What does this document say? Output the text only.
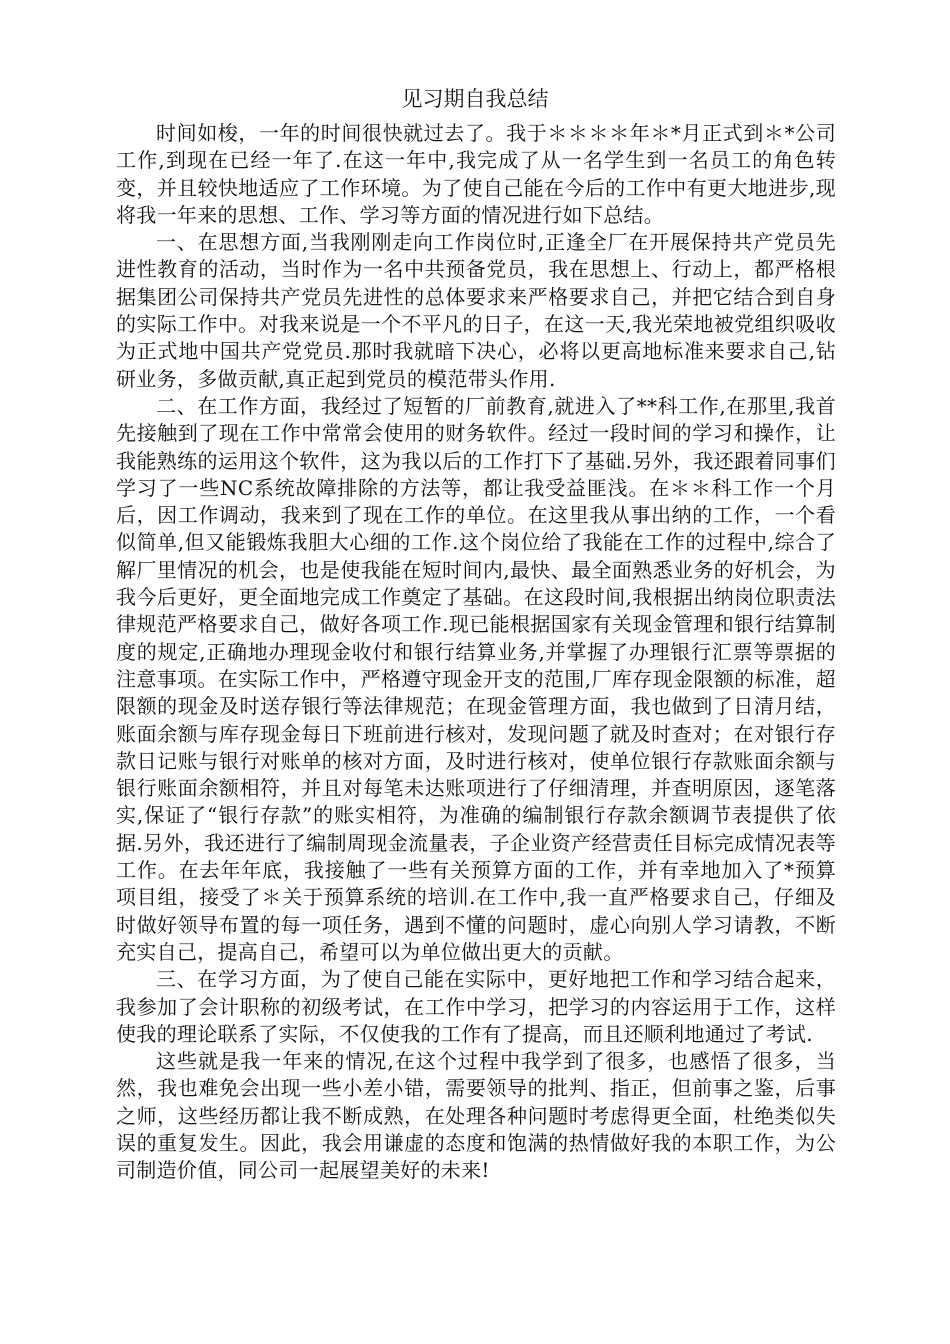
见习期自我总结

时间如梭，一年的时间很快就过去了。我于＊＊＊＊年＊*月正式到＊*公司工作,到现在已经一年了.在这一年中,我完成了从一名学生到一名员工的角色转变，并且较快地适应了工作环境。为了使自己能在今后的工作中有更大地进步,现将我一年来的思想、工作、学习等方面的情况进行如下总结。

一、在思想方面,当我刚刚走向工作岗位时,正逢全厂在开展保持共产党员先进性教育的活动，当时作为一名中共预备党员，我在思想上、行动上，都严格根据集团公司保持共产党员先进性的总体要求来严格要求自己，并把它结合到自身的实际工作中。对我来说是一个不平凡的日子，在这一天,我光荣地被党组织吸收为正式地中国共产党党员.那时我就暗下决心，必将以更高地标准来要求自己,钻研业务，多做贡献,真正起到党员的模范带头作用.

二、在工作方面，我经过了短暂的厂前教育,就进入了**科工作,在那里,我首先接触到了现在工作中常常会使用的财务软件。经过一段时间的学习和操作，让我能熟练的运用这个软件，这为我以后的工作打下了基础.另外，我还跟着同事们学习了一些NC系统故障排除的方法等，都让我受益匪浅。在＊＊科工作一个月后，因工作调动，我来到了现在工作的单位。在这里我从事出纳的工作，一个看似简单,但又能锻炼我胆大心细的工作.这个岗位给了我能在工作的过程中,综合了解厂里情况的机会，也是使我能在短时间内,最快、最全面熟悉业务的好机会，为我今后更好，更全面地完成工作奠定了基础。在这段时间,我根据出纳岗位职责法律规范严格要求自己，做好各项工作.现已能根据国家有关现金管理和银行结算制度的规定,正确地办理现金收付和银行结算业务,并掌握了办理银行汇票等票据的注意事项。在实际工作中，严格遵守现金开支的范围,厂库存现金限额的标准，超限额的现金及时送存银行等法律规范；在现金管理方面，我也做到了日清月结，账面余额与库存现金每日下班前进行核对，发现问题了就及时查对；在对银行存款日记账与银行对账单的核对方面，及时进行核对，使单位银行存款账面余额与银行账面余额相符，并且对每笔未达账项进行了仔细清理，并查明原因，逐笔落实,保证了“银行存款”的账实相符，为准确的编制银行存款余额调节表提供了依据.另外，我还进行了编制周现金流量表，子企业资产经营责任目标完成情况表等工作。在去年年底，我接触了一些有关预算方面的工作，并有幸地加入了*预算项目组，接受了＊关于预算系统的培训.在工作中,我一直严格要求自己，仔细及时做好领导布置的每一项任务，遇到不懂的问题时，虚心向别人学习请教，不断充实自己，提高自己，希望可以为单位做出更大的贡献。

三、在学习方面，为了使自己能在实际中，更好地把工作和学习结合起来，我参加了会计职称的初级考试，在工作中学习，把学习的内容运用于工作，这样使我的理论联系了实际，不仅使我的工作有了提高，而且还顺利地通过了考试.

这些就是我一年来的情况,在这个过程中我学到了很多，也感悟了很多，当然，我也难免会出现一些小差小错，需要领导的批判、指正，但前事之鉴，后事之师，这些经历都让我不断成熟，在处理各种问题时考虑得更全面，杜绝类似失误的重复发生。因此，我会用谦虚的态度和饱满的热情做好我的本职工作，为公司制造价值，同公司一起展望美好的未来!
